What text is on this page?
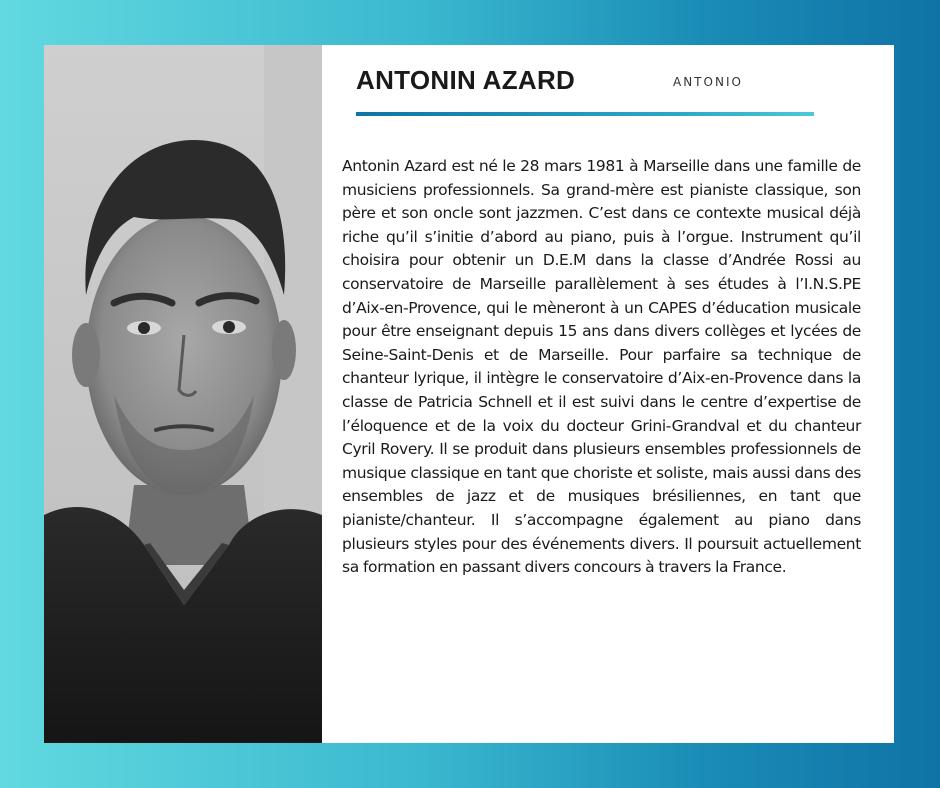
ANTONIN AZARD	ANTONIO

Antonin Azard est né le 28 mars 1981 à Marseille dans une famille de musiciens professionnels. Sa grand-mère est pianiste classique, son père et son oncle sont jazzmen. C’est dans ce contexte musical déjà riche qu’il s’initie d’abord au piano, puis à l’orgue. Instrument qu’il choisira pour obtenir un D.E.M dans la classe d’Andrée Rossi au conservatoire de Marseille parallèlement à ses études à l’I.N.S.PE d’Aix-en-Provence, qui le mèneront à un CAPES d’éducation musicale pour être enseignant depuis 15 ans dans divers collèges et lycées de Seine-Saint-Denis et de Marseille. Pour parfaire sa technique de chanteur lyrique, il intègre le conservatoire d’Aix-en-Provence dans la classe de Patricia Schnell et il est suivi dans le centre d’expertise de l’éloquence et de la voix du docteur Grini-Grandval et du chanteur Cyril Rovery. Il se produit dans plusieurs ensembles professionnels de musique classique en tant que choriste et soliste, mais aussi dans des ensembles de jazz et de musiques brésiliennes, en tant que pianiste/chanteur. Il s’accompagne également au piano dans plusieurs styles pour des événements divers. Il poursuit actuellement sa formation en passant divers concours à travers la France.
